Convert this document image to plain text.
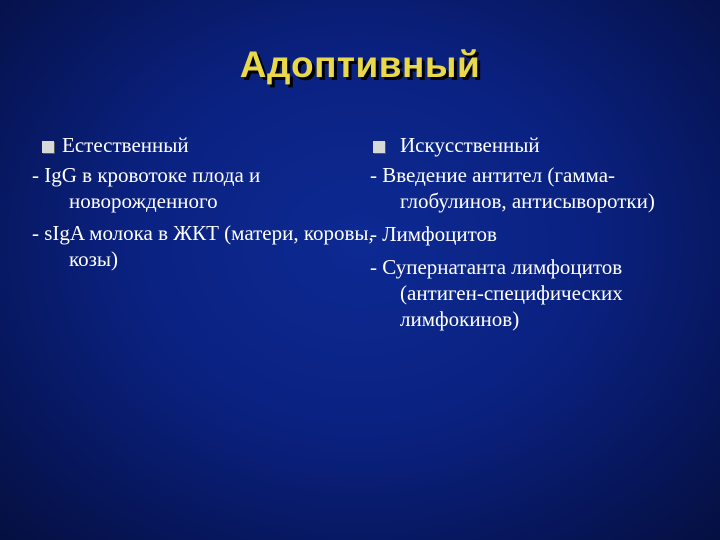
Адоптивный
Естественный
- IgG в кровотоке плода и новорожденного
- sIgA молока в ЖКТ (матери, коровы, козы)
Искусственный
- Введение антител (гамма- глобулинов, антисыворотки)
- Лимфоцитов
- Супернатанта лимфоцитов (антиген-специфических лимфокинов)
